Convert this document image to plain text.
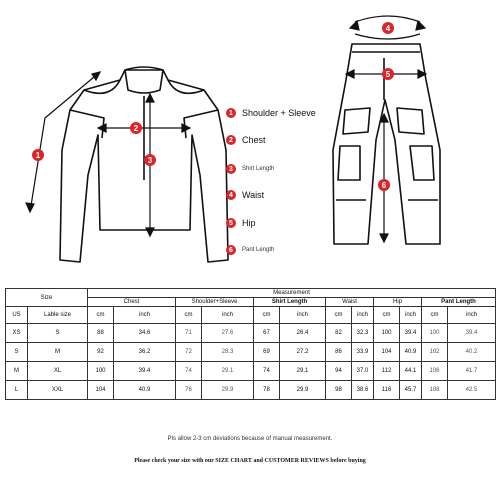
1
2
3
4
5
6
1	Shoulder + Sleeve
2	Chest
3	Shirt Length
4	Waist
5	Hip
6	Pant Length
Size		Measurement											
		Chest		Shoulder+Sleeve		Shirt Length		Waist		Hip		Pant Length	
US	Lable size	cm	inch	cm	inch	cm	inch	cm	inch	cm	inch	cm	inch
XS	S	88	34.6	71	27.6	67	26.4	82	32.3	100	39.4	100	39.4
S	M	92	36.2	72	28.3	69	27.2	86	33.9	104	40.9	102	40.2
M	XL	100	39.4	74	29.1	74	29.1	94	37.0	112	44.1	106	41.7
L	XXL	104	40.9	76	29.9	78	29.9	98	38.6	116	45.7	108	42.5
Pls allow 2-3 cm deviations because of manual measurement.
Please check your size with our SIZE CHART and CUSTOMER REVIEWS before buying
